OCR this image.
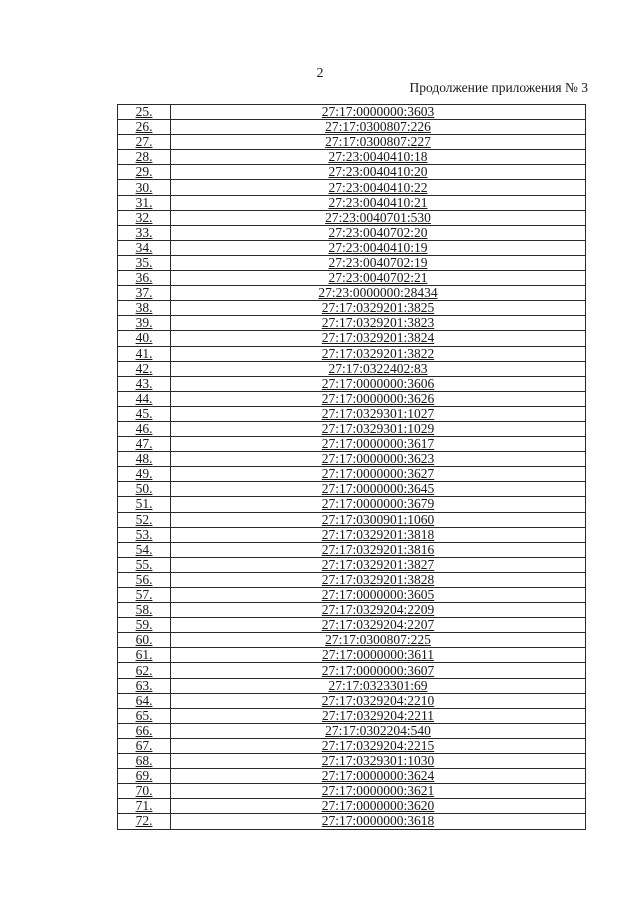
2
Продолжение приложения № 3
25.	27:17:0000000:3603
26.	27:17:0300807:226
27.	27:17:0300807:227
28.	27:23:0040410:18
29.	27:23:0040410:20
30.	27:23:0040410:22
31.	27:23:0040410:21
32.	27:23:0040701:530
33.	27:23:0040702:20
34.	27:23:0040410:19
35.	27:23:0040702:19
36.	27:23:0040702:21
37.	27:23:0000000:28434
38.	27:17:0329201:3825
39.	27:17:0329201:3823
40.	27:17:0329201:3824
41.	27:17:0329201:3822
42.	27:17:0322402:83
43.	27:17:0000000:3606
44.	27:17:0000000:3626
45.	27:17:0329301:1027
46.	27:17:0329301:1029
47.	27:17:0000000:3617
48.	27:17:0000000:3623
49.	27:17:0000000:3627
50.	27:17:0000000:3645
51.	27:17:0000000:3679
52.	27:17:0300901:1060
53.	27:17:0329201:3818
54.	27:17:0329201:3816
55.	27:17:0329201:3827
56.	27:17:0329201:3828
57.	27:17:0000000:3605
58.	27:17:0329204:2209
59.	27:17:0329204:2207
60.	27:17:0300807:225
61.	27:17:0000000:3611
62.	27:17:0000000:3607
63.	27:17:0323301:69
64.	27:17:0329204:2210
65.	27:17:0329204:2211
66.	27:17:0302204:540
67.	27:17:0329204:2215
68.	27:17:0329301:1030
69.	27:17:0000000:3624
70.	27:17:0000000:3621
71.	27:17:0000000:3620
72.	27:17:0000000:3618
